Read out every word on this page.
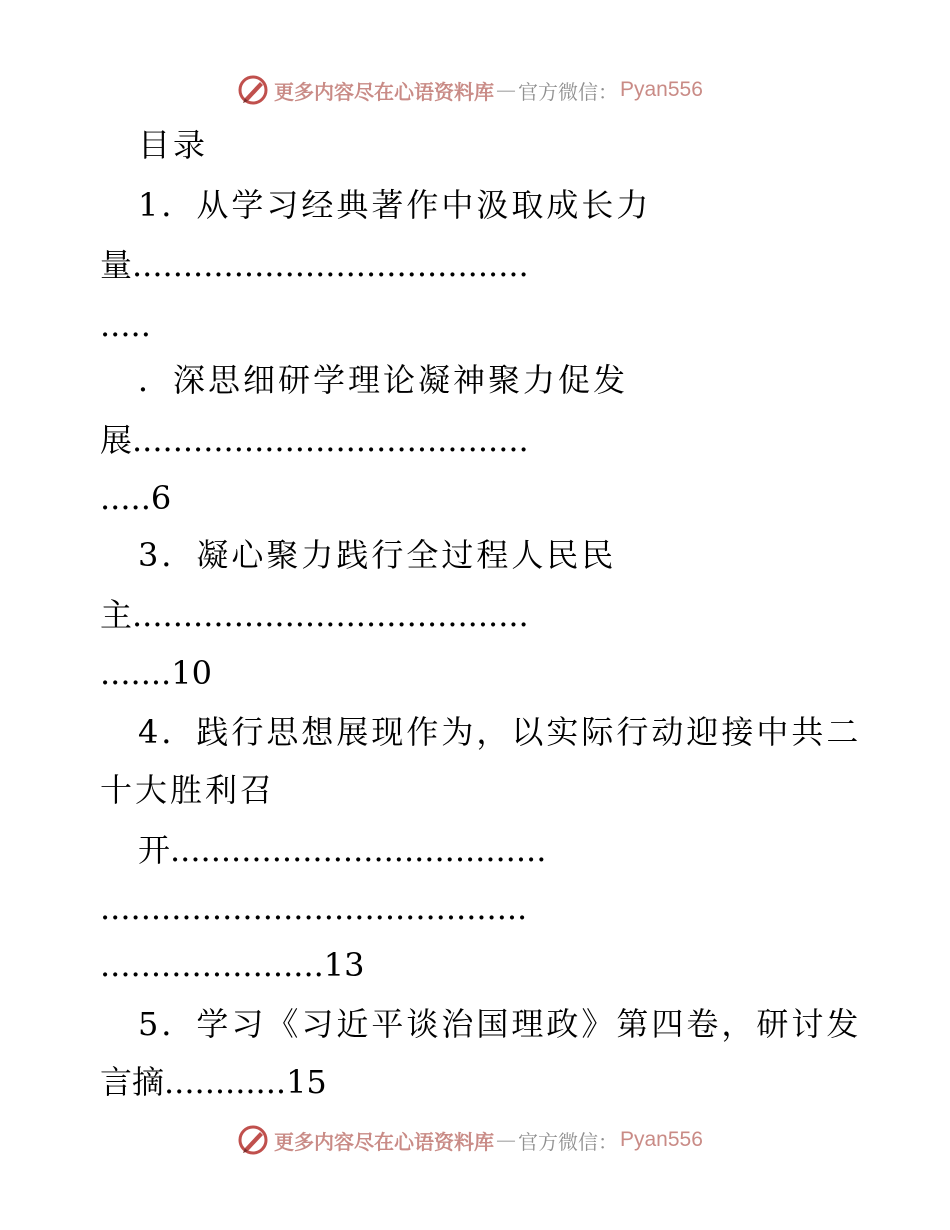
更多内容尽在心语资料库 — 官方微信： Pyan556
目录
1．从学习经典著作中汲取成长力
量.......................................
.....
．深思细研学理论凝神聚力促发
展.......................................
.....6
3．凝心聚力践行全过程人民民
主.......................................
.......10
4．践行思想展现作为，以实际行动迎接中共二
十大胜利召
开.....................................
..........................................
......................13
5．学习《习近平谈治国理政》第四卷，研讨发
言摘............15
更多内容尽在心语资料库 — 官方微信： Pyan556
